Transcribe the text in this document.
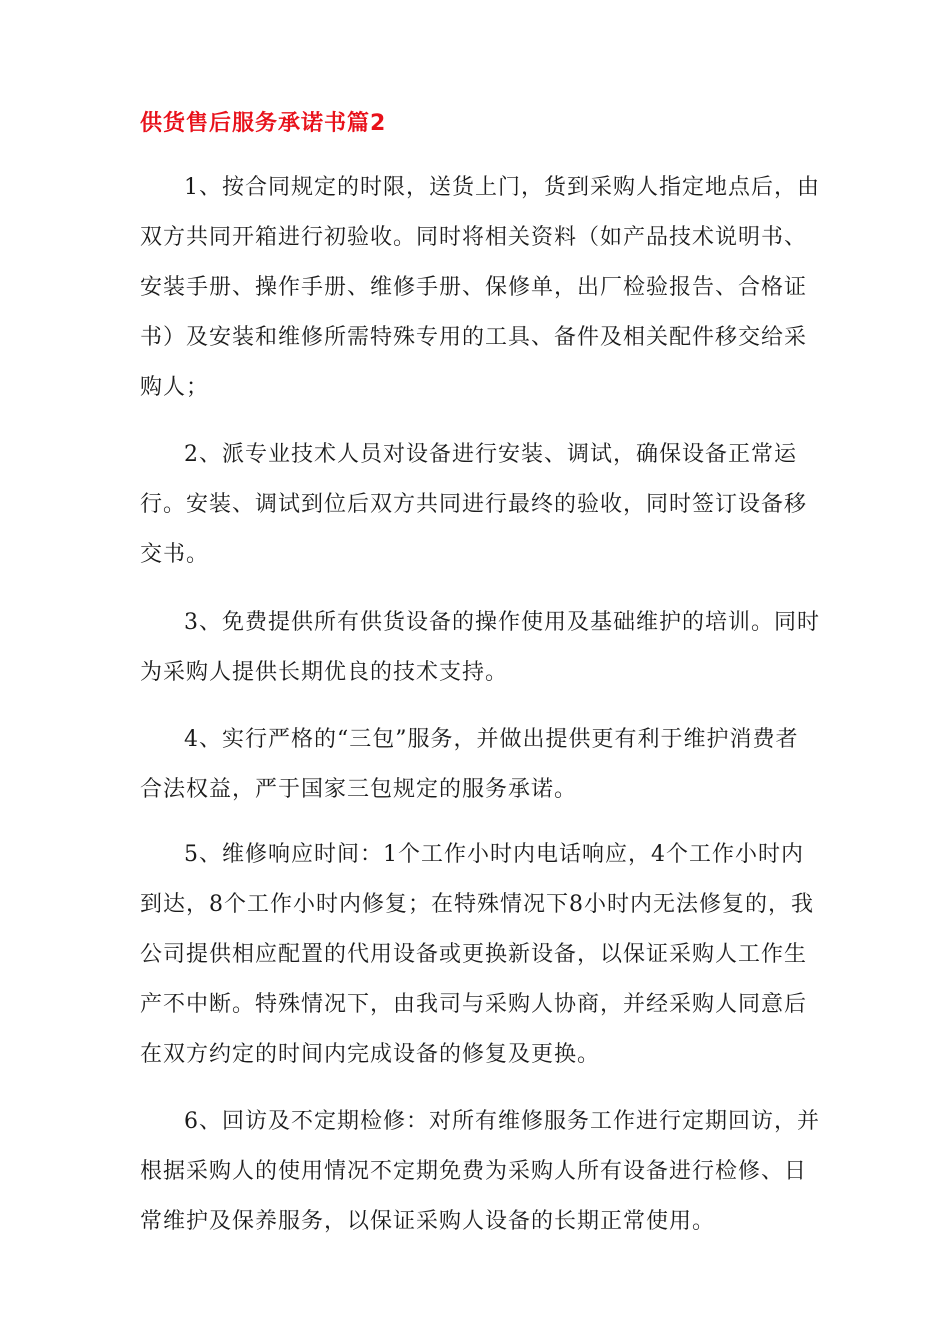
供货售后服务承诺书篇2

1、按合同规定的时限，送货上门，货到采购人指定地点后，由双方共同开箱进行初验收。同时将相关资料（如产品技术说明书、安装手册、操作手册、维修手册、保修单，出厂检验报告、合格证书）及安装和维修所需特殊专用的工具、备件及相关配件移交给采购人；

2、派专业技术人员对设备进行安装、调试，确保设备正常运行。安装、调试到位后双方共同进行最终的验收，同时签订设备移交书。

3、免费提供所有供货设备的操作使用及基础维护的培训。同时为采购人提供长期优良的技术支持。

4、实行严格的“三包”服务，并做出提供更有利于维护消费者合法权益，严于国家三包规定的服务承诺。

5、维修响应时间：1个工作小时内电话响应，4个工作小时内到达，8个工作小时内修复；在特殊情况下8小时内无法修复的，我公司提供相应配置的代用设备或更换新设备，以保证采购人工作生产不中断。特殊情况下，由我司与采购人协商，并经采购人同意后在双方约定的时间内完成设备的修复及更换。

6、回访及不定期检修：对所有维修服务工作进行定期回访，并根据采购人的使用情况不定期免费为采购人所有设备进行检修、日常维护及保养服务，以保证采购人设备的长期正常使用。
